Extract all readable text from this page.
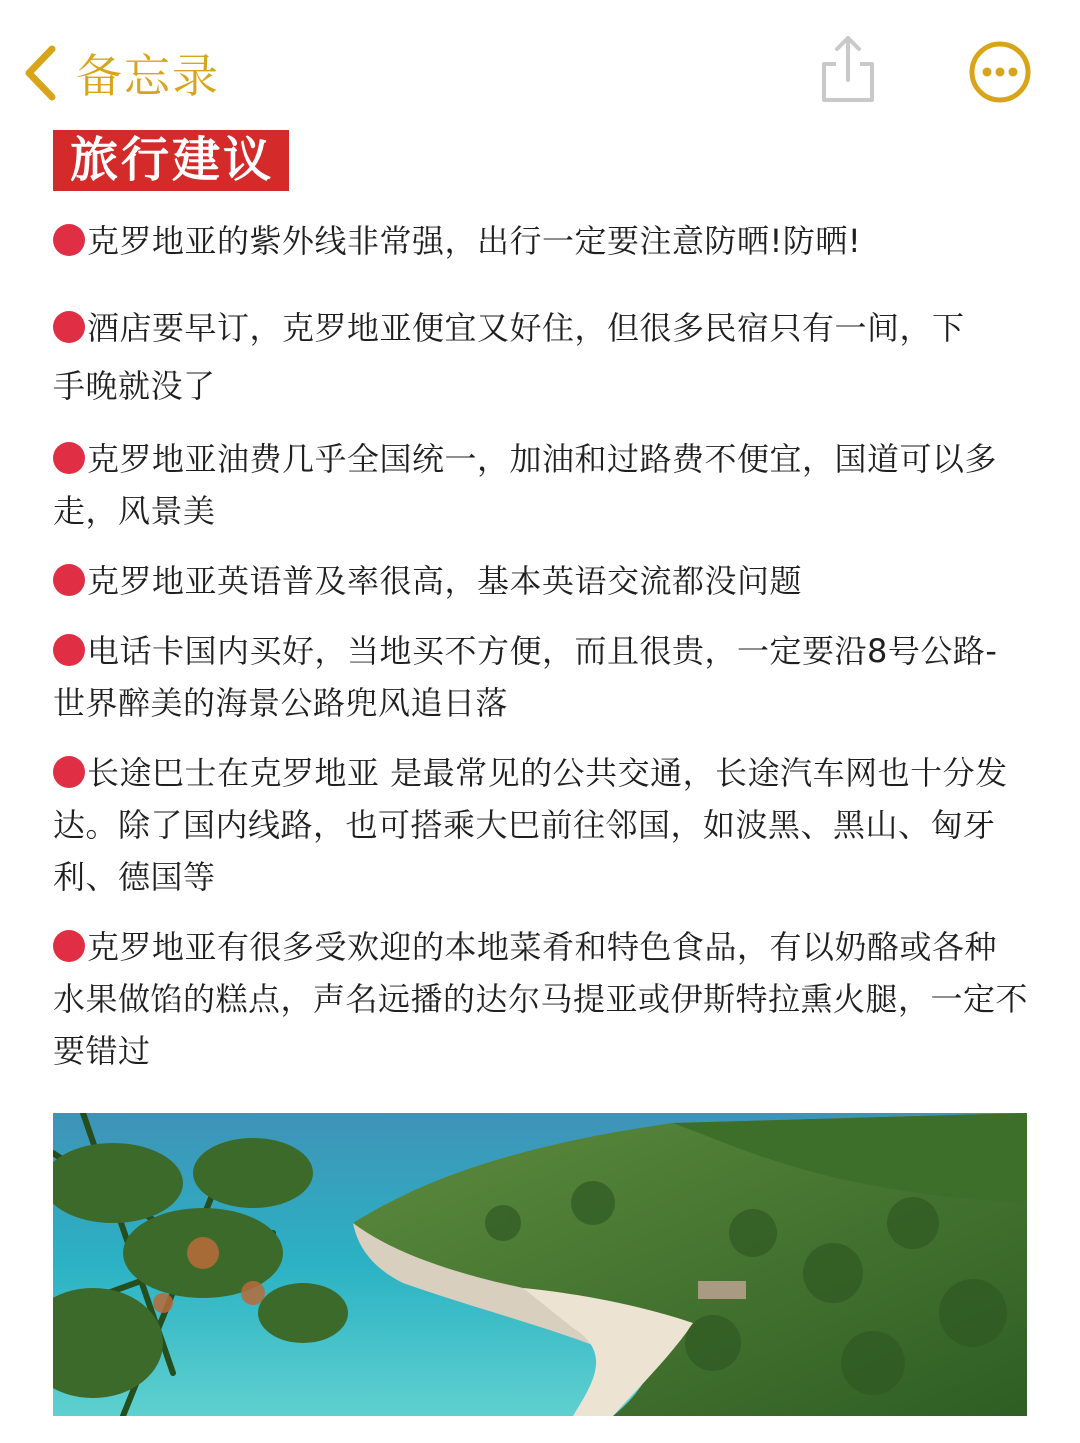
备忘录
旅行建议

克罗地亚的紫外线非常强，出行一定要注意防晒!防晒!

酒店要早订，克罗地亚便宜又好住，但很多民宿只有一间，下手晚就没了

克罗地亚油费几乎全国统一，加油和过路费不便宜，国道可以多走，风景美

克罗地亚英语普及率很高，基本英语交流都没问题

电话卡国内买好，当地买不方便，而且很贵，一定要沿8号公路-世界醉美的海景公路兜风追日落

长途巴士在克罗地亚 是最常见的公共交通，长途汽车网也十分发达。除了国内线路，也可搭乘大巴前往邻国，如波黑、黑山、匈牙利、德国等

克罗地亚有很多受欢迎的本地菜肴和特色食品，有以奶酪或各种水果做馅的糕点，声名远播的达尔马提亚或伊斯特拉熏火腿，一定不要错过
